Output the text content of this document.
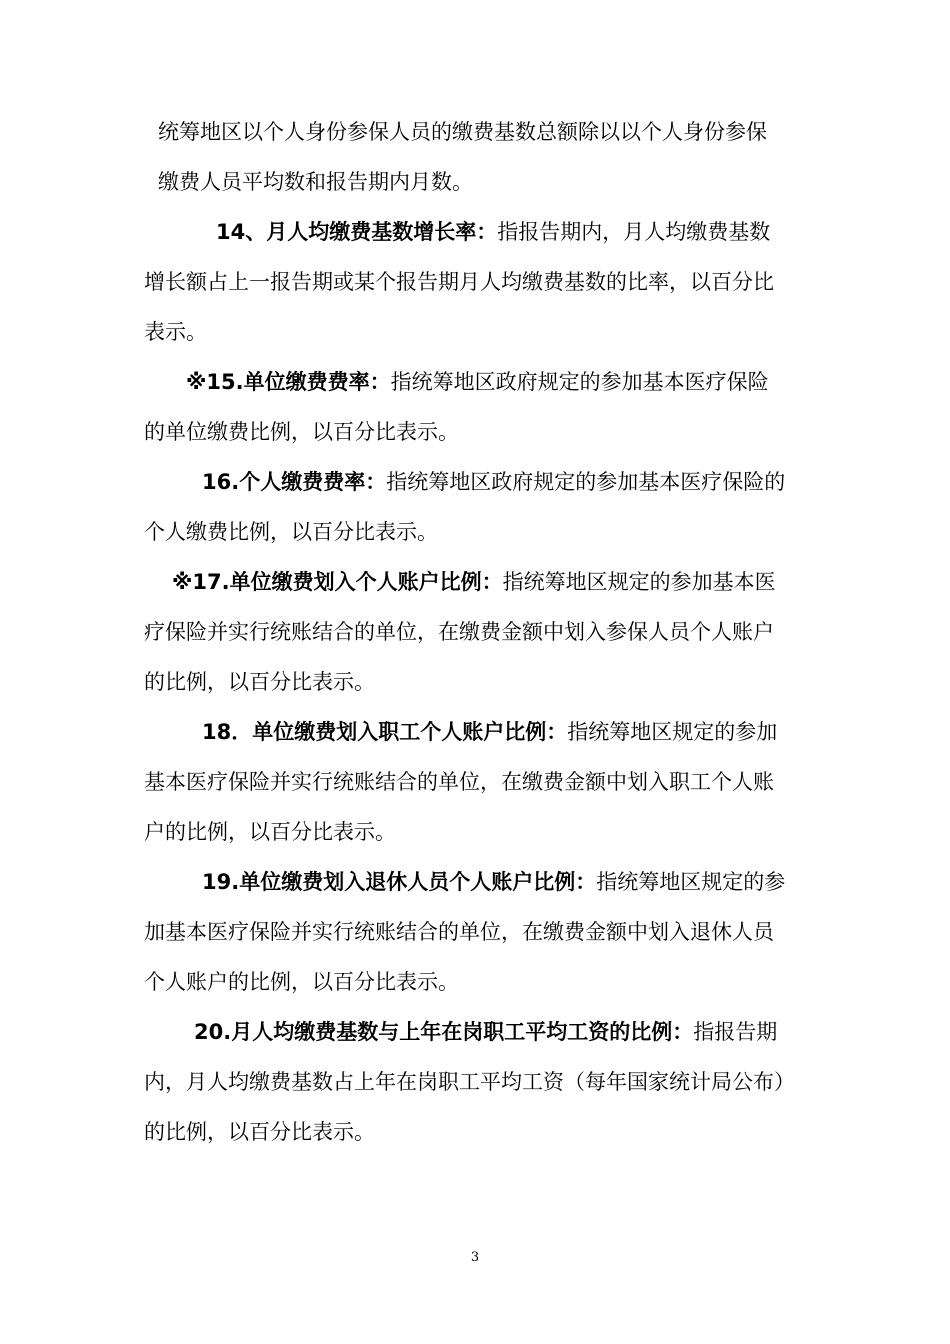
统筹地区以个人身份参保人员的缴费基数总额除以以个人身份参保
缴费人员平均数和报告期内月数。
14、月人均缴费基数增长率：指报告期内，月人均缴费基数
增长额占上一报告期或某个报告期月人均缴费基数的比率，以百分比
表示。
※15.单位缴费费率：指统筹地区政府规定的参加基本医疗保险
的单位缴费比例，以百分比表示。
16.个人缴费费率：指统筹地区政府规定的参加基本医疗保险的
个人缴费比例，以百分比表示。
※17.单位缴费划入个人账户比例：指统筹地区规定的参加基本医
疗保险并实行统账结合的单位，在缴费金额中划入参保人员个人账户
的比例，以百分比表示。
18．单位缴费划入职工个人账户比例：指统筹地区规定的参加
基本医疗保险并实行统账结合的单位，在缴费金额中划入职工个人账
户的比例，以百分比表示。
19.单位缴费划入退休人员个人账户比例：指统筹地区规定的参
加基本医疗保险并实行统账结合的单位，在缴费金额中划入退休人员
个人账户的比例，以百分比表示。
20.月人均缴费基数与上年在岗职工平均工资的比例：指报告期
内，月人均缴费基数占上年在岗职工平均工资（每年国家统计局公布）
的比例，以百分比表示。
3
